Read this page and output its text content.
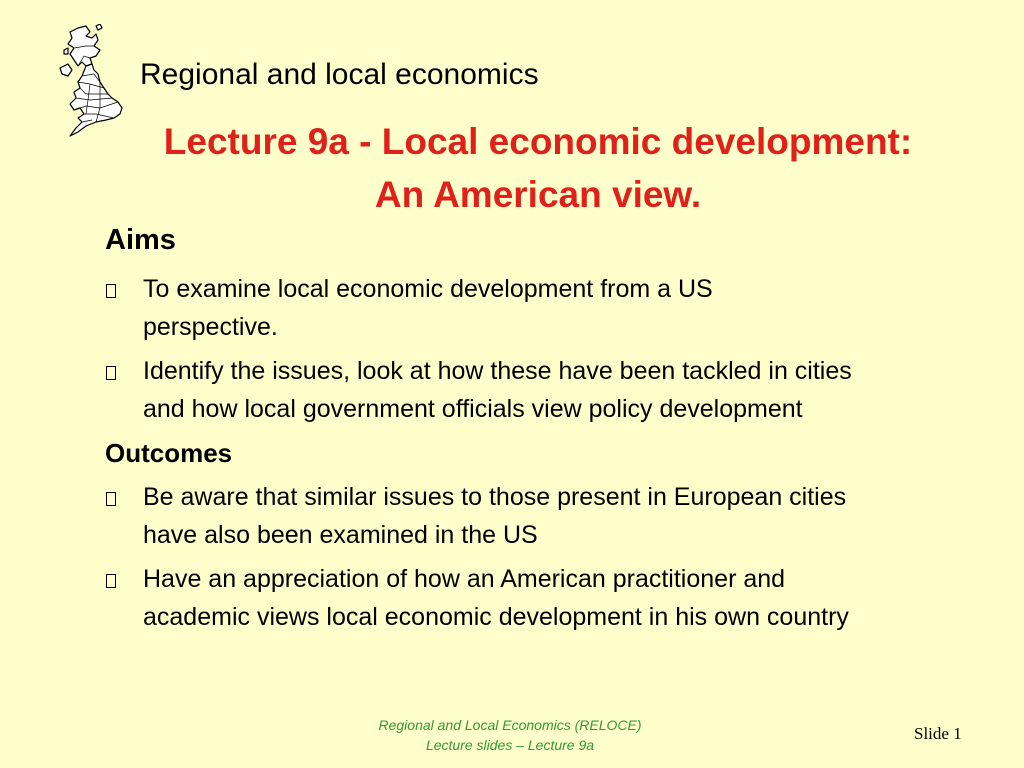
Regional and local economics
Lecture 9a - Local economic development:
An American view.
Aims
To examine local economic development from a US
perspective.
Identify the issues, look at how these have been tackled in cities
and how local government officials view policy development
Outcomes
Be aware that similar issues to those present in European cities
have also been examined in the US
Have an appreciation of how an American practitioner and
academic views local economic development in his own country
Regional and Local Economics (RELOCE)
Lecture slides – Lecture 9a
Slide 1
